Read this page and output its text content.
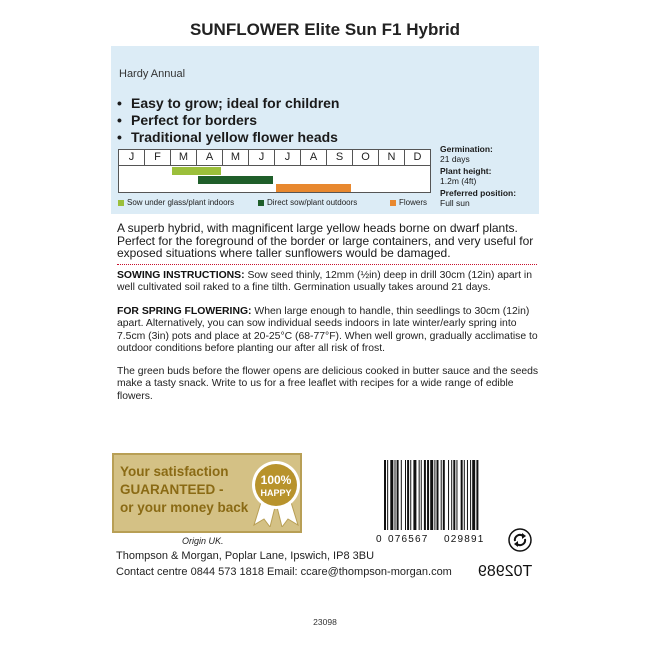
SUNFLOWER Elite Sun F1 Hybrid
Hardy Annual
• Easy to grow; ideal for children
• Perfect for borders
• Traditional yellow flower heads
J	F	M	A	M	J	J	A	S	O	N	D
Sow under glass/plant indoors	Direct sow/plant outdoors	Flowers
Germination:
21 days
Plant height:
1.2m (4ft)
Preferred position:
Full sun
A superb hybrid, with magnificent large yellow heads borne on dwarf plants. Perfect for the foreground of the border or large containers, and very useful for exposed situations where taller sunflowers would be damaged.
SOWING INSTRUCTIONS: Sow seed thinly, 12mm (½in) deep in drill 30cm (12in) apart in well cultivated soil raked to a fine tilth. Germination usually takes around 21 days.
FOR SPRING FLOWERING: When large enough to handle, thin seedlings to 30cm (12in) apart. Alternatively, you can sow individual seeds indoors in late winter/early spring into 7.5cm (3in) pots and place at 20-25°C (68-77°F). When well grown, gradually acclimatise to outdoor conditions before planting our after all risk of frost.
The green buds before the flower opens are delicious cooked in butter sauce and the seeds make a tasty snack. Write to us for a free leaflet with recipes for a wide range of edible flowers.
Your satisfaction
GUARANTEED -
or your money back
100%
HAPPY
Origin UK.
Thompson & Morgan, Poplar Lane, Ipswich, IP8 3BU
Contact centre 0844 573 1818 Email: ccare@thompson-morgan.com
0 076567 029891
T02989
23098
